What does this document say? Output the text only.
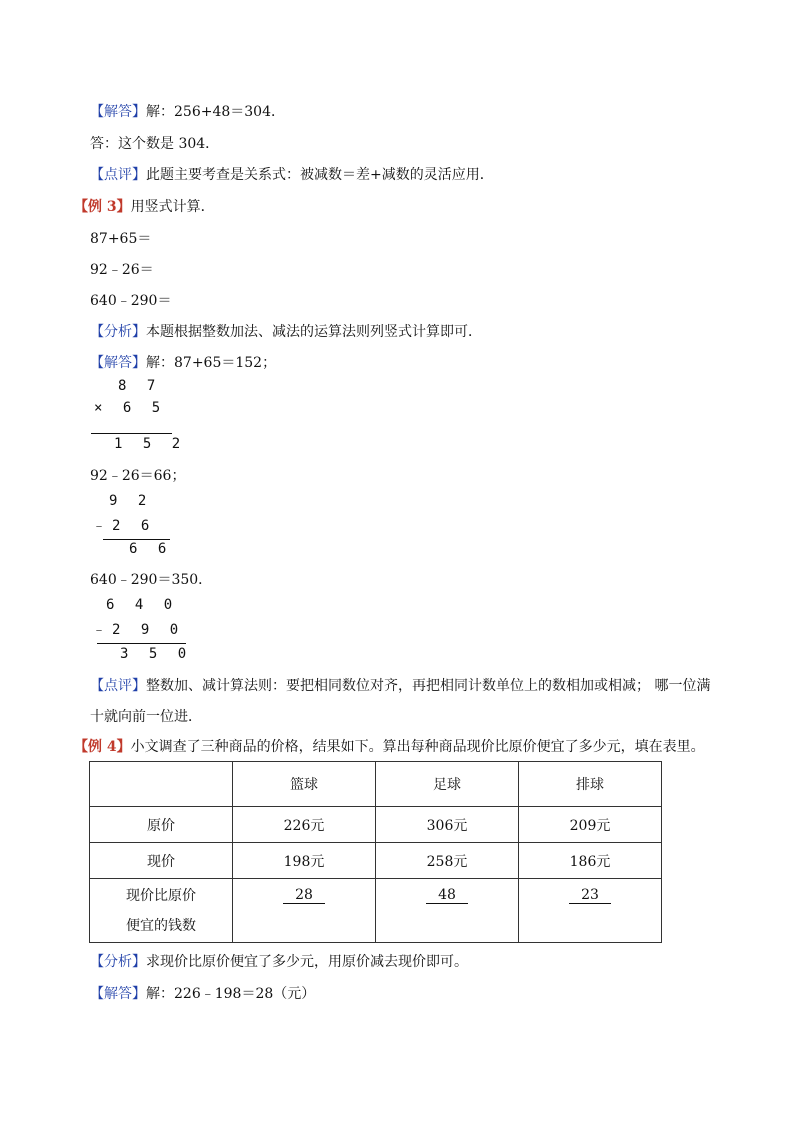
【解答】解：256+48＝304．
答：这个数是 304．
【点评】此题主要考查是关系式：被减数＝差+减数的灵活应用．
【例 3】用竖式计算．
87+65＝
92﹣26＝
640﹣290＝
【分析】本题根据整数加法、减法的运算法则列竖式计算即可．
【解答】解：87+65＝152；
8 7
× 6 5
1 5 2
92﹣26＝66；
9 2
﹣2 6
6 6
640﹣290＝350．
6 4 0
﹣2 9 0
3 5 0
【点评】整数加、减计算法则：要把相同数位对齐，再把相同计数单位上的数相加或相减； 哪一位满
十就向前一位进．
【例 4】小文调查了三种商品的价格，结果如下。算出每种商品现价比原价便宜了多少元，填在表里。
	篮球	足球	排球
原价	226元	306元	209元
现价	198元	258元	186元

现价比原价
便宜的钱数	28	48	23
【分析】求现价比原价便宜了多少元，用原价减去现价即可。
【解答】解：226﹣198＝28（元）
